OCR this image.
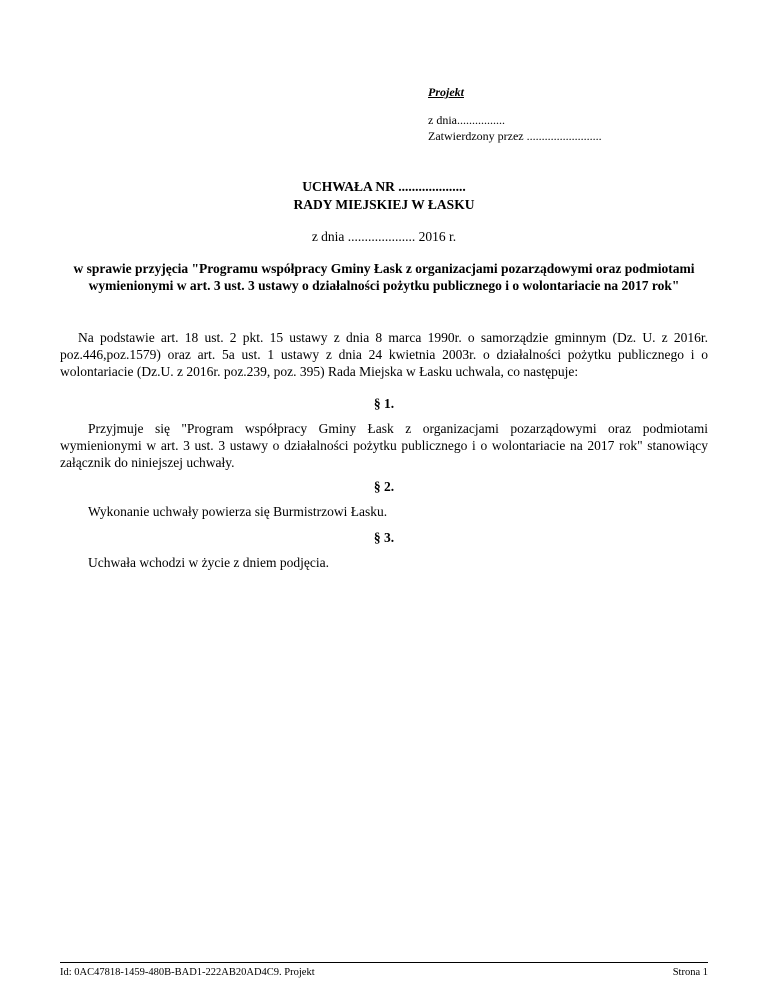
Projekt
z dnia................
Zatwierdzony przez .........................
UCHWAŁA NR ....................
RADY MIEJSKIEJ W ŁASKU
z dnia .................... 2016 r.
w sprawie przyjęcia "Programu współpracy Gminy Łask z organizacjami pozarządowymi oraz podmiotami wymienionymi w art. 3 ust. 3 ustawy o działalności pożytku publicznego i o wolontariacie na 2017 rok"
Na podstawie art. 18 ust. 2 pkt. 15 ustawy z dnia 8 marca 1990r. o samorządzie gminnym (Dz. U. z 2016r. poz.446,poz.1579) oraz art. 5a ust. 1 ustawy z dnia 24 kwietnia 2003r. o działalności pożytku publicznego i o wolontariacie (Dz.U. z 2016r. poz.239, poz. 395) Rada Miejska w Łasku uchwala, co następuje:
§ 1.
Przyjmuje się "Program współpracy Gminy Łask z organizacjami pozarządowymi oraz podmiotami wymienionymi w art. 3 ust. 3 ustawy o działalności pożytku publicznego i o wolontariacie na 2017 rok" stanowiący załącznik do niniejszej uchwały.
§ 2.
Wykonanie uchwały powierza się Burmistrzowi Łasku.
§ 3.
Uchwała wchodzi w życie z dniem podjęcia.
Id: 0AC47818-1459-480B-BAD1-222AB20AD4C9. Projekt	Strona 1
